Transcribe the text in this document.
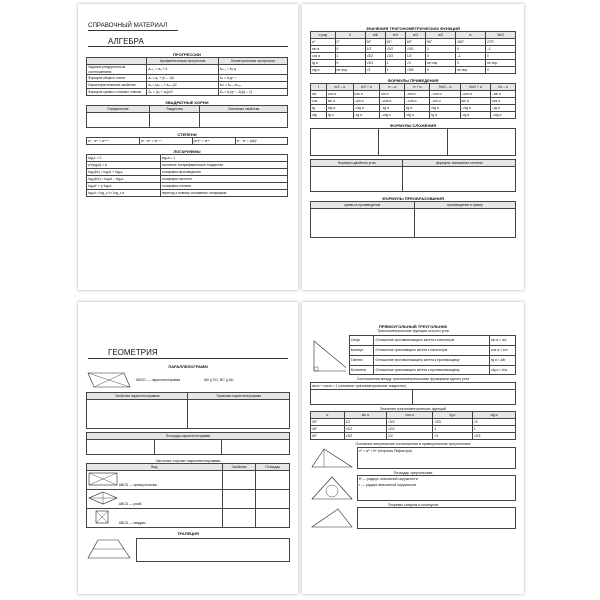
СПРАВОЧНЫЙ МАТЕРИАЛ
АЛГЕБРА
ПРОГРЕССИИ
	Арифметическая прогрессия	Геометрическая прогрессия
Задание рекуррентным соотношением	aₙ₊₁ = aₙ + d	bₙ₊₁ = bₙ·q
Формула общего члена	aₙ = a₁ + (n – 1)d	bₙ = b₁qⁿ⁻¹
Характеристическое свойство	aₙ = (aₙ₋₁ + aₙ₊₁)/2	bₙ² = bₙ₋₁·bₙ₊₁
Формула суммы n первых членов	Sₙ = (a₁ + aₙ)n/2	Sₙ = b₁(qⁿ – 1)/(q – 1)
КВАДРАТНЫЕ КОРНИ
Определение	Тождество	Основные свойства

СТЕПЕНИ
aⁿ · aᵐ = aⁿ⁺ᵐ	aⁿ : aᵐ = aⁿ⁻ᵐ	(aⁿ)ᵐ = aⁿᵐ	aⁿ · bⁿ = (ab)ⁿ
ЛОГАРИФМЫ
logₐ1 = 0	logₐa = 1
a^(logₐb) = b	основное логарифмическое тождество
logₐ(bc) = logₐb + logₐc	логарифм произведения
logₐ(b/c) = logₐb – logₐc	логарифм частного
logₐbᵖ = p·logₐb	логарифм степени
logₐb = log_c b / log_c a	переход к новому основанию логарифма
ЗНАЧЕНИЯ ТРИГОНОМЕТРИЧЕСКИХ ФУНКЦИЙ
α рад	0	π/6	π/4	π/3	π/2	π	3π/2
α°	0°	30°	45°	60°	90°	180°	270°
sin α	0	1/2	√2/2	√3/2	1	0	–1
cos α	1	√3/2	√2/2	1/2	0	–1	0
tg α	0	√3/3	1	√3	не опр.	0	не опр.
ctg α	не опр.	√3	1	√3/3	0	не опр.	0
ФОРМУЛЫ ПРИВЕДЕНИЯ
f	π/2 – α	π/2 + α	π – α	π + α	3π/2 – α	3π/2 + α	2π – α
sin	cos α	cos α	sin α	–sin α	–cos α	–cos α	–sin α
cos	sin α	–sin α	–cos α	–cos α	–sin α	sin α	cos α
tg	ctg α	–ctg α	–tg α	tg α	ctg α	–ctg α	–tg α
ctg	tg α	–tg α	–ctg α	ctg α	tg α	–tg α	–ctg α
ФОРМУЛЫ СЛОЖЕНИЯ

Формулы двойного угла	формулы понижения степени

ФОРМУЛЫ ПРЕОБРАЗОВАНИЯ
суммы в произведение	произведения в сумму

ГЕОМЕТРИЯ
ПАРАЛЛЕЛОГРАММ
ABCD — параллелограмм	AB || CD, BC || AD
Свойства параллелограмма	Признаки параллелограмма

Площадь параллелограмма

Частные случаи параллелограмма
Вид	Свойство	Площадь
ABCD — прямоугольник		
ABCD — ромб		
ABCD — квадрат		
ТРАПЕЦИЯ
ПРЯМОУГОЛЬНЫЙ ТРЕУГОЛЬНИК
Тригонометрические функции острого угла
Синус	Отношение противолежащего катета к гипотенузе	sin α = a/c
Косинус	Отношение прилежащего катета к гипотенузе	cos α = b/c
Тангенс	Отношение противолежащего катета к прилежащему	tg α = a/b
Котангенс	Отношение прилежащего катета к противолежащему	ctg α = b/a
Соотношения между тригонометрическими функциями одного угла
sin²α + cos²α = 1 (основное тригонометрическое тождество)

Значения тригонометрических функций
α	sin α	cos α	tg α	ctg α
30°	1/2	√3/2	√3/3	√3
45°	√2/2	√2/2	1	1
60°	√3/2	1/2	√3	√3/3
Основные метрические соотношения в прямоугольном треугольнике
c² = a² + b² (теорема Пифагора)
Площадь треугольника
R — радиус описанной окружности
r — радиус вписанной окружности
Теоремы синусов и косинусов
